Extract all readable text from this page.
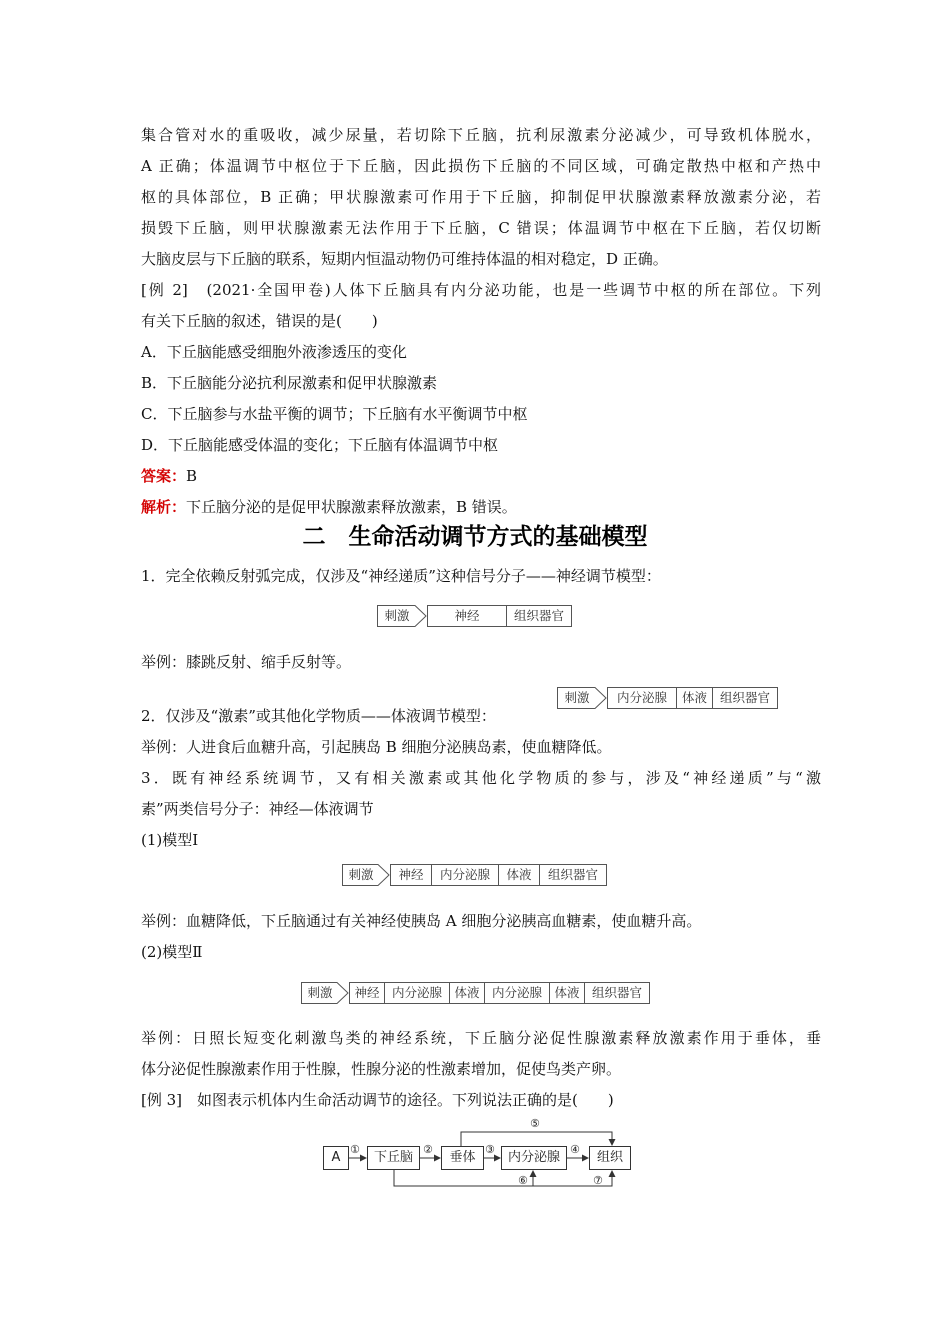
集合管对水的重吸收，减少尿量，若切除下丘脑，抗利尿激素分泌减少，可导致机体脱水，
A 正确；体温调节中枢位于下丘脑，因此损伤下丘脑的不同区域，可确定散热中枢和产热中
枢的具体部位，B 正确；甲状腺激素可作用于下丘脑，抑制促甲状腺激素释放激素分泌，若
损毁下丘脑，则甲状腺激素无法作用于下丘脑，C 错误；体温调节中枢在下丘脑，若仅切断
大脑皮层与下丘脑的联系，短期内恒温动物仍可维持体温的相对稳定，D 正确。
[例 2]　(2021·全国甲卷)人体下丘脑具有内分泌功能，也是一些调节中枢的所在部位。下列
有关下丘脑的叙述，错误的是(　　)
A．下丘脑能感受细胞外液渗透压的变化
B．下丘脑能分泌抗利尿激素和促甲状腺激素
C．下丘脑参与水盐平衡的调节；下丘脑有水平衡调节中枢
D．下丘脑能感受体温的变化；下丘脑有体温调节中枢
答案：B
解析：下丘脑分泌的是促甲状腺激素释放激素，B 错误。
二　生命活动调节方式的基础模型
1．完全依赖反射弧完成，仅涉及“神经递质”这种信号分子——神经调节模型：
刺激	神经	组织器官
举例：膝跳反射、缩手反射等。
2．仅涉及“激素”或其他化学物质——体液调节模型：
刺激	内分泌腺	体液	组织器官
举例：人进食后血糖升高，引起胰岛 B 细胞分泌胰岛素，使血糖降低。
3．既有神经系统调节，又有相关激素或其他化学物质的参与，涉及“神经递质”与“激
素”两类信号分子：神经—体液调节
(1)模型Ⅰ
刺激	神经	内分泌腺	体液	组织器官
举例：血糖降低，下丘脑通过有关神经使胰岛 A 细胞分泌胰高血糖素，使血糖升高。
(2)模型Ⅱ
刺激	神经 内分泌腺 体液 内分泌腺 体液 组织器官
举例：日照长短变化刺激鸟类的神经系统，下丘脑分泌促性腺激素释放激素作用于垂体，垂
体分泌促性腺激素作用于性腺，性腺分泌的性激素增加，促使鸟类产卵。
[例 3]　如图表示机体内生命活动调节的途径。下列说法正确的是(　　)
A	下丘脑	垂体	内分泌腺	组织
①	②	③	④
⑤
⑥	⑦
